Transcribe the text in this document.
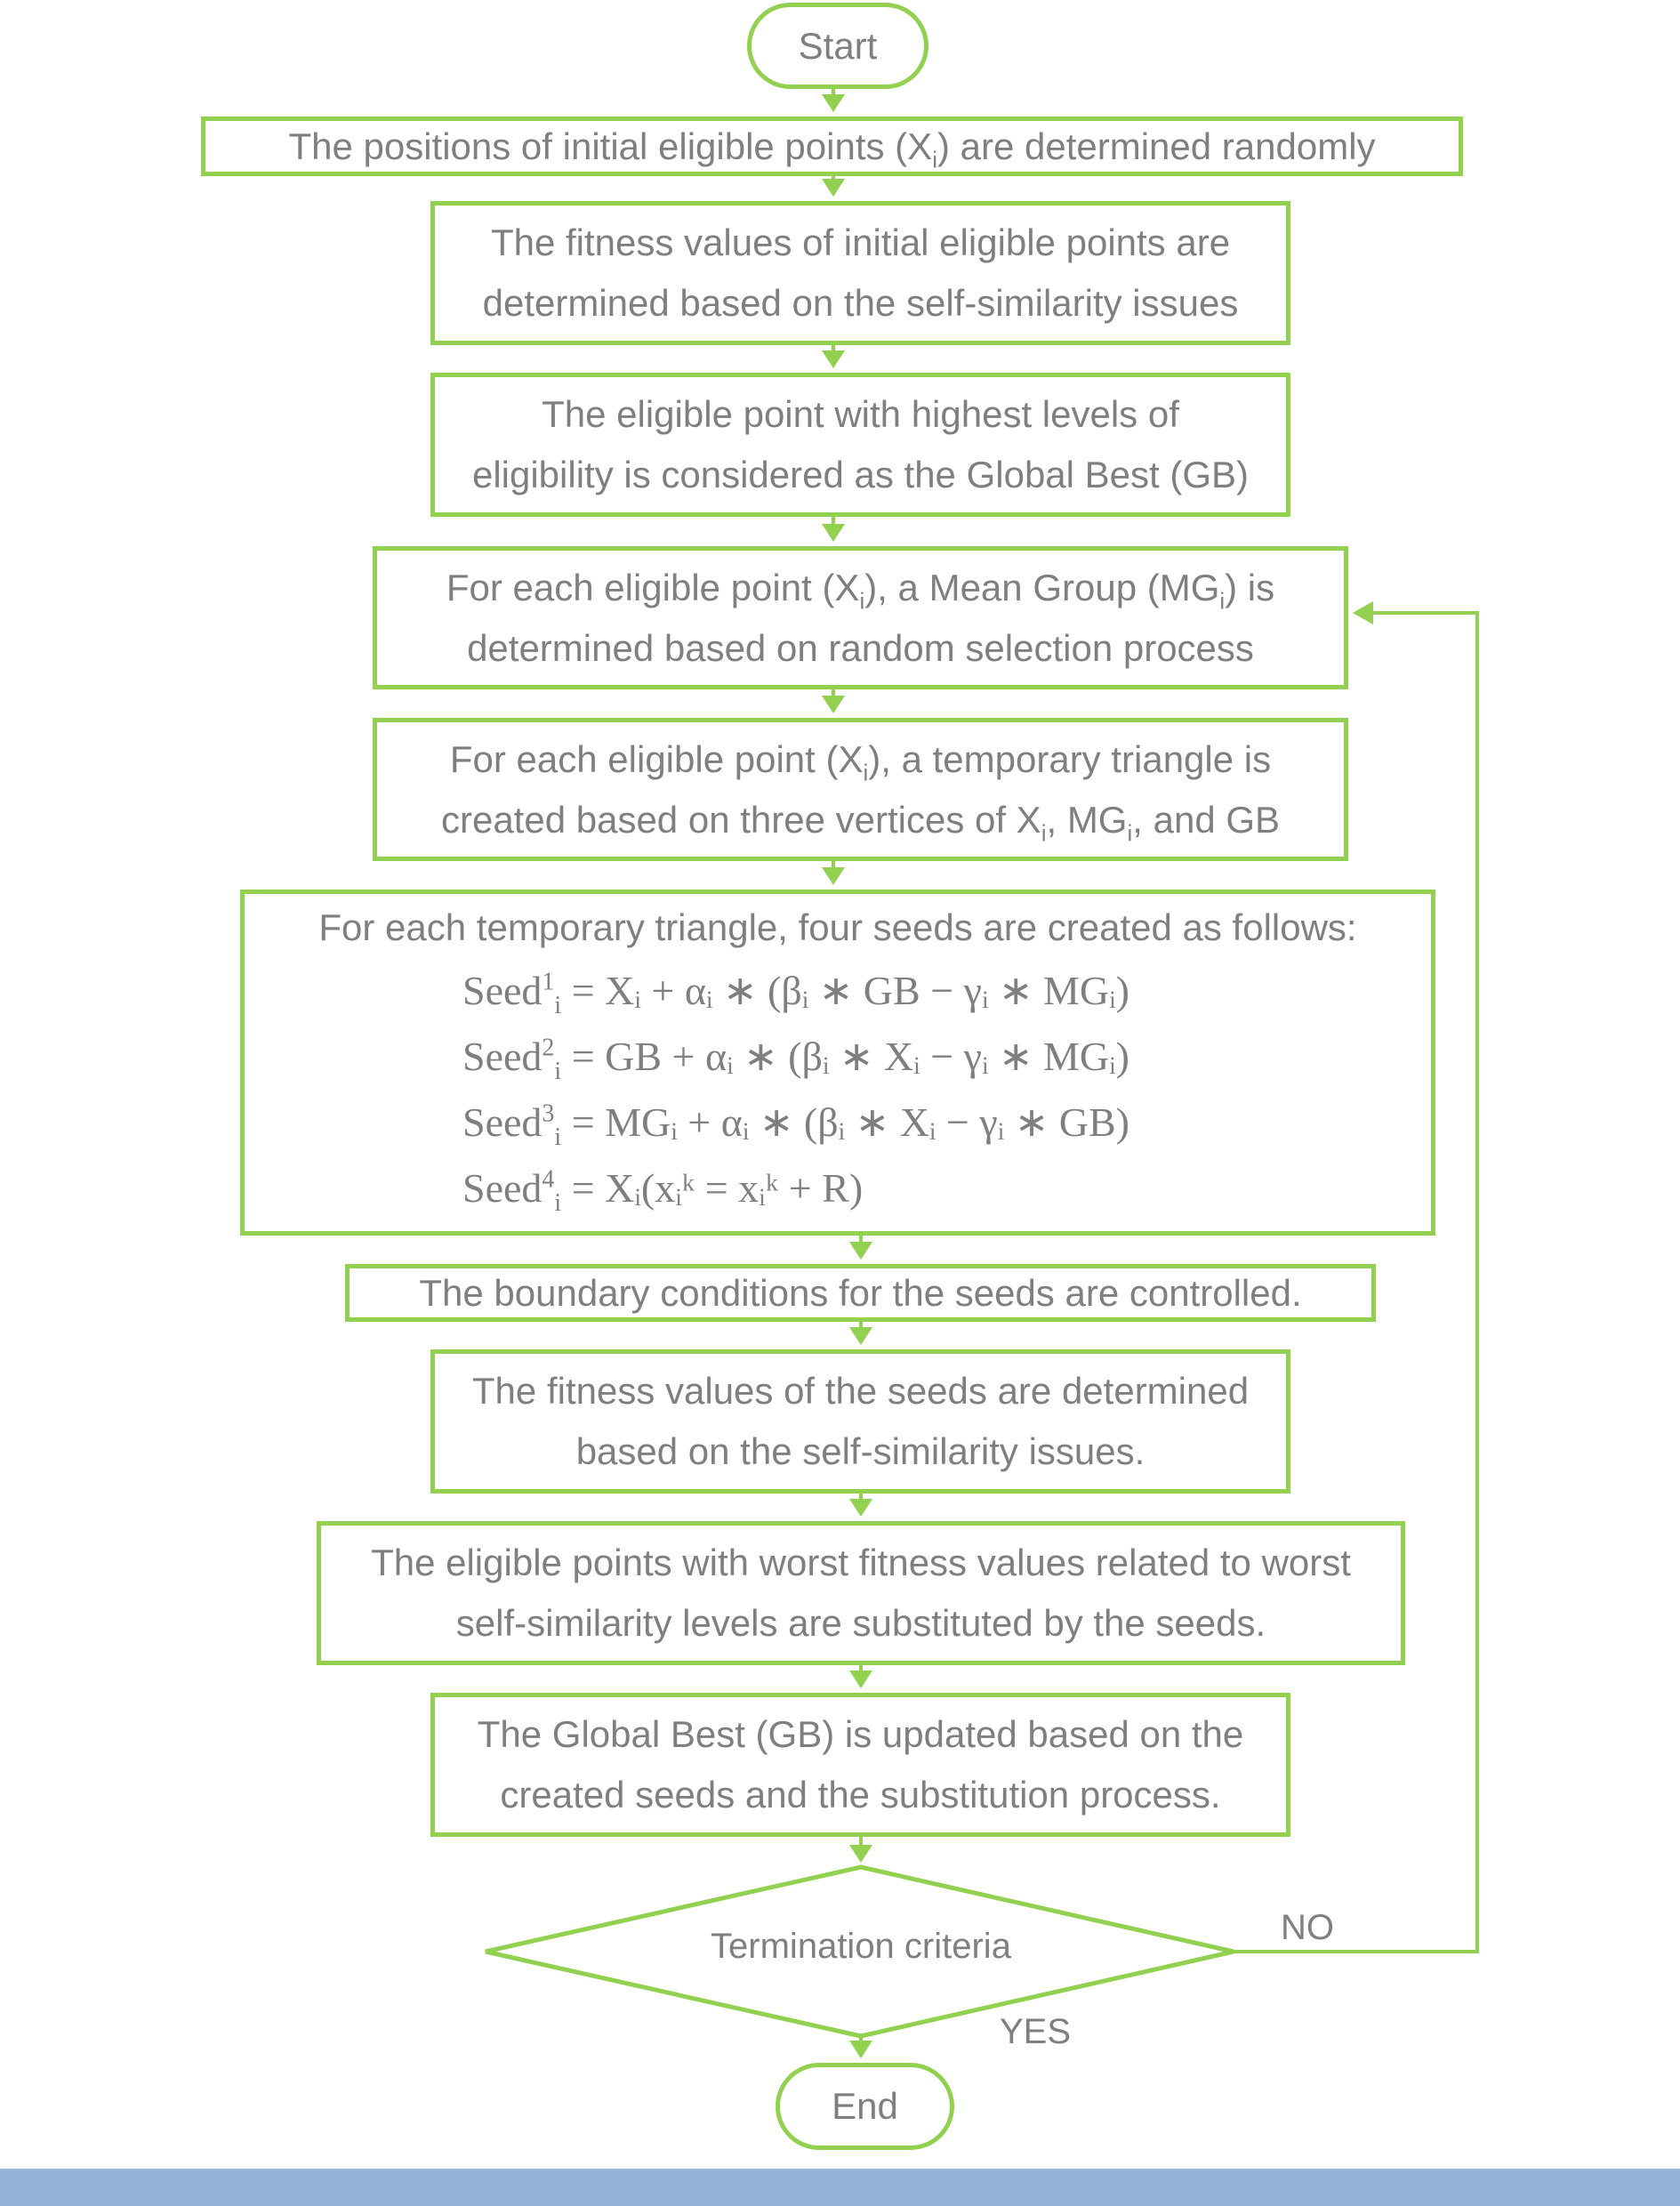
Start
The positions of initial eligible points $(X_i)$ are determined randomly
The fitness values of initial eligible points are
determined based on the self-similarity issues
The eligible point with highest levels of
eligibility is considered as the Global Best (GB)
For each eligible point $(X_i)$, a Mean Group $(MG_i)$ is
determined based on random selection process
For each eligible point $(X_i)$, a temporary triangle is
created based on three vertices of $X_i$, $MG_i$, and GB
For each temporary triangle, four seeds are created as follows:
Seed$^1_i$ = Xᵢ + αᵢ ∗ (βᵢ ∗ GB − γᵢ ∗ MGᵢ)
Seed$^2_i$ = GB + αᵢ ∗ (βᵢ ∗ Xᵢ − γᵢ ∗ MGᵢ)
Seed$^3_i$ = MGᵢ + αᵢ ∗ (βᵢ ∗ Xᵢ − γᵢ ∗ GB)
Seed$^4_i$ = Xᵢ(xᵢᵏ = xᵢᵏ + R)
The boundary conditions for the seeds are controlled.
The fitness values of the seeds are determined
based on the self-similarity issues.
The eligible points with worst fitness values related to worst
self-similarity levels are substituted by the seeds.
The Global Best (GB) is updated based on the
created seeds and the substitution process.
Termination criteria	NO
YES
End
